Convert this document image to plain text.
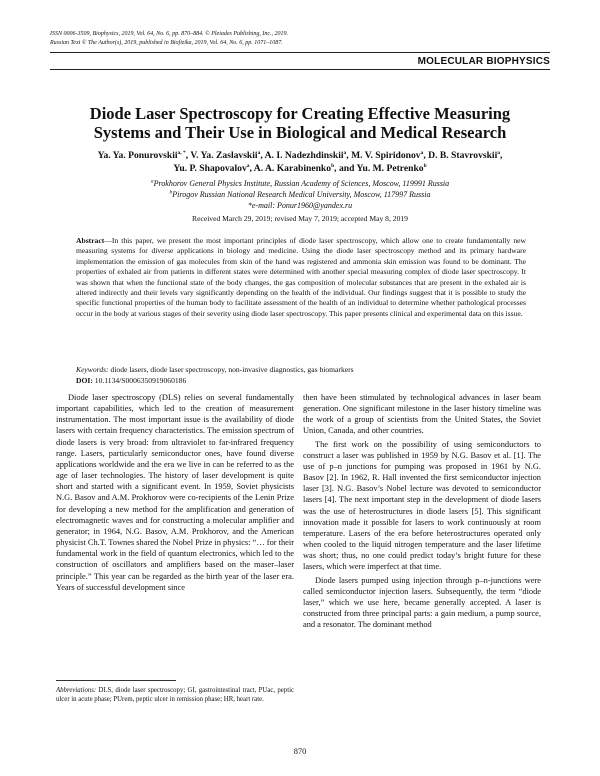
ISSN 0006-3509, Biophysics, 2019, Vol. 64, No. 6, pp. 870–884. © Pleiades Publishing, Inc., 2019.
Russian Text © The Author(s), 2019, published in Biofizika, 2019, Vol. 64, No. 6, pp. 1071–1087.
MOLECULAR BIOPHYSICS
Diode Laser Spectroscopy for Creating Effective Measuring Systems and Their Use in Biological and Medical Research
Ya. Ya. Ponurovskii$^{a, *}$, V. Ya. Zaslavskii$^a$, A. I. Nadezhdinskii$^a$, M. V. Spiridonov$^a$, D. B. Stavrovskii$^a$,
Yu. P. Shapovalov$^a$, A. A. Karabinenko$^b$, and Yu. M. Petrenko$^b$
$^a$Prokhorov General Physics Institute, Russian Academy of Sciences, Moscow, 119991 Russia
$^b$Pirogov Russian National Research Medical University, Moscow, 117997 Russia
*e-mail: Ponur1960@yandex.ru
Received March 29, 2019; revised May 7, 2019; accepted May 8, 2019
Abstract—In this paper, we present the most important principles of diode laser spectroscopy, which allow one to create fundamentally new measuring systems for diverse applications in biology and medicine. Using the diode laser spectroscopy method and its primary hardware implementation the emission of gas molecules from skin of the hand was registered and ammonia skin emission was found to be dominant. The properties of exhaled air from patients in different states were determined with another special measuring complex of diode laser spectroscopy. It was shown that when the functional state of the body changes, the gas composition of molecular substances that are present in the exhaled air is altered indirectly and their levels vary significantly depending on the health of the individual. Our findings suggest that it is possible to study the specific functional properties of the human body to facilitate assessment of the health of an individual to determine whether pathological processes occur in the body at various stages of their severity using diode laser spectroscopy. This paper presents clinical and experimental data on this issue.
Keywords: diode lasers, diode laser spectroscopy, non-invasive diagnostics, gas biomarkers
DOI: 10.1134/S0006350919060186

Diode laser spectroscopy (DLS) relies on several fundamentally important capabilities, which led to the creation of measurement instrumentation. The most important issue is the availability of diode lasers with certain frequency characteristics. The emission spectrum of diode lasers is very broad: from ultraviolet to far-infrared frequency range. Lasers, particularly semiconductor ones, have found diverse applications worldwide and the era we live in can be referred to as the age of laser technologies. The history of laser development is quite short and started with a significant event. In 1959, Soviet physicists N.G. Basov and A.M. Prokhorov were co-recipients of the Lenin Prize for developing a new method for the amplification and generation of electromagnetic waves and for constructing a molecular amplifier and generator; in 1964, N.G. Basov, A.M. Prokhorov, and the American physicist Ch.T. Townes shared the Nobel Prize in physics: “… for their fundamental work in the field of quantum electronics, which led to the construction of oscillators and amplifiers based on the maser–laser principle.” This year can be regarded as the birth year of the laser era. Years of successful development since

then have been stimulated by technological advances in laser beam generation. One significant milestone in the laser history timeline was the work of a group of scientists from the United States, the Soviet Union, Canada, and other countries.

The first work on the possibility of using semiconductors to construct a laser was published in 1959 by N.G. Basov et al. [1]. The use of p–n junctions for pumping was proposed in 1961 by N.G. Basov [2]. In 1962, R. Hall invented the first semiconductor injection laser [3]. N.G. Basov’s Nobel lecture was devoted to semiconductor lasers [4]. The next important step in the development of diode lasers was the use of heterostructures in diode lasers [5]. This significant innovation made it possible for lasers to work continuously at room temperature. Lasers of the era before heterostructures operated only when cooled to the liquid nitrogen temperature and the laser lifetime was short; thus, no one could predict today’s bright future for these lasers, which were imperfect at that time.

Diode lasers pumped using injection through p–n-junctions were called semiconductor injection lasers. Subsequently, the term “diode laser,” which we use here, became generally accepted. A laser is constructed from three principal parts: a gain medium, a pump source, and a resonator. The dominant method

Abbreviations: DLS, diode laser spectroscopy; GI, gastrointestinal tract, PUac, peptic ulcer in acute phase; PUrem, peptic ulcer in remission phase; HR, heart rate.
870
